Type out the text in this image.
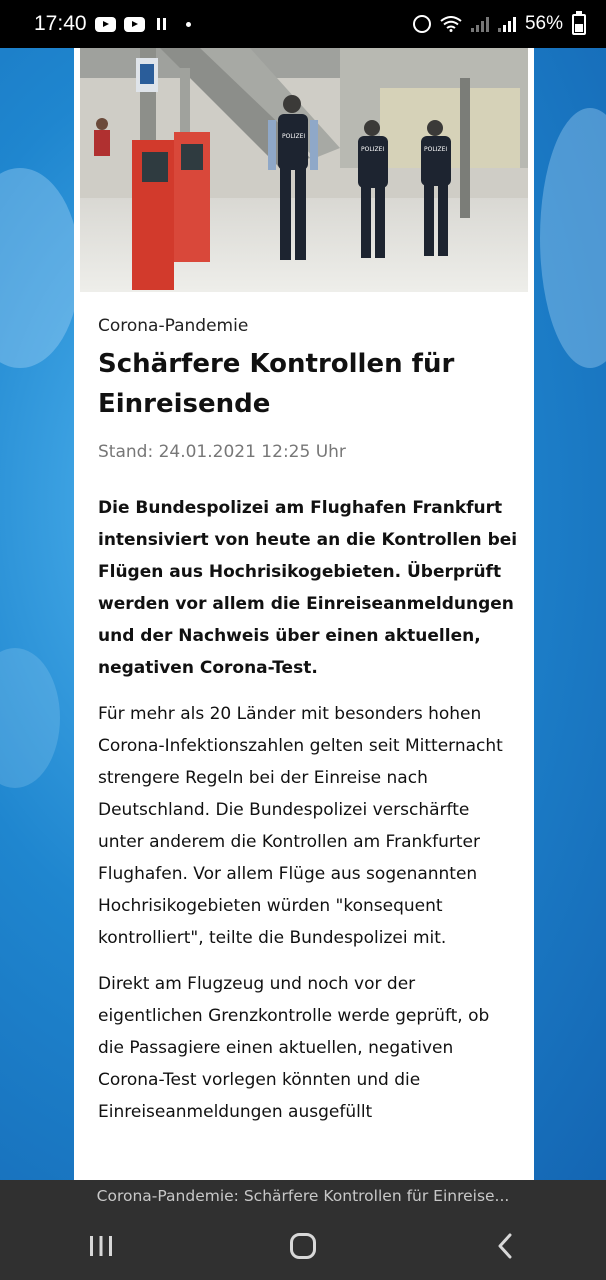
17:40	56%
POLIZEI
POLIZEI	POLIZEI

Corona-Pandemie

Schärfere Kontrollen für Einreisende

Stand: 24.01.2021 12:25 Uhr

Die Bundespolizei am Flughafen Frankfurt intensiviert von heute an die Kontrollen bei Flügen aus Hochrisikogebieten. Überprüft werden vor allem die Einreiseanmeldungen und der Nachweis über einen aktuellen, negativen Corona-Test.

Für mehr als 20 Länder mit besonders hohen Corona-Infektionszahlen gelten seit Mitternacht strengere Regeln bei der Einreise nach Deutschland. Die Bundespolizei verschärfte unter anderem die Kontrollen am Frankfurter Flughafen. Vor allem Flüge aus sogenannten Hochrisikogebieten würden "konsequent kontrolliert", teilte die Bundespolizei mit.

Direkt am Flugzeug und noch vor der eigentlichen Grenzkontrolle werde geprüft, ob die Passagiere einen aktuellen, negativen Corona-Test vorlegen könnten und die Einreiseanmeldungen ausgefüllt

Corona-Pandemie: Schärfere Kontrollen für Einreise...
